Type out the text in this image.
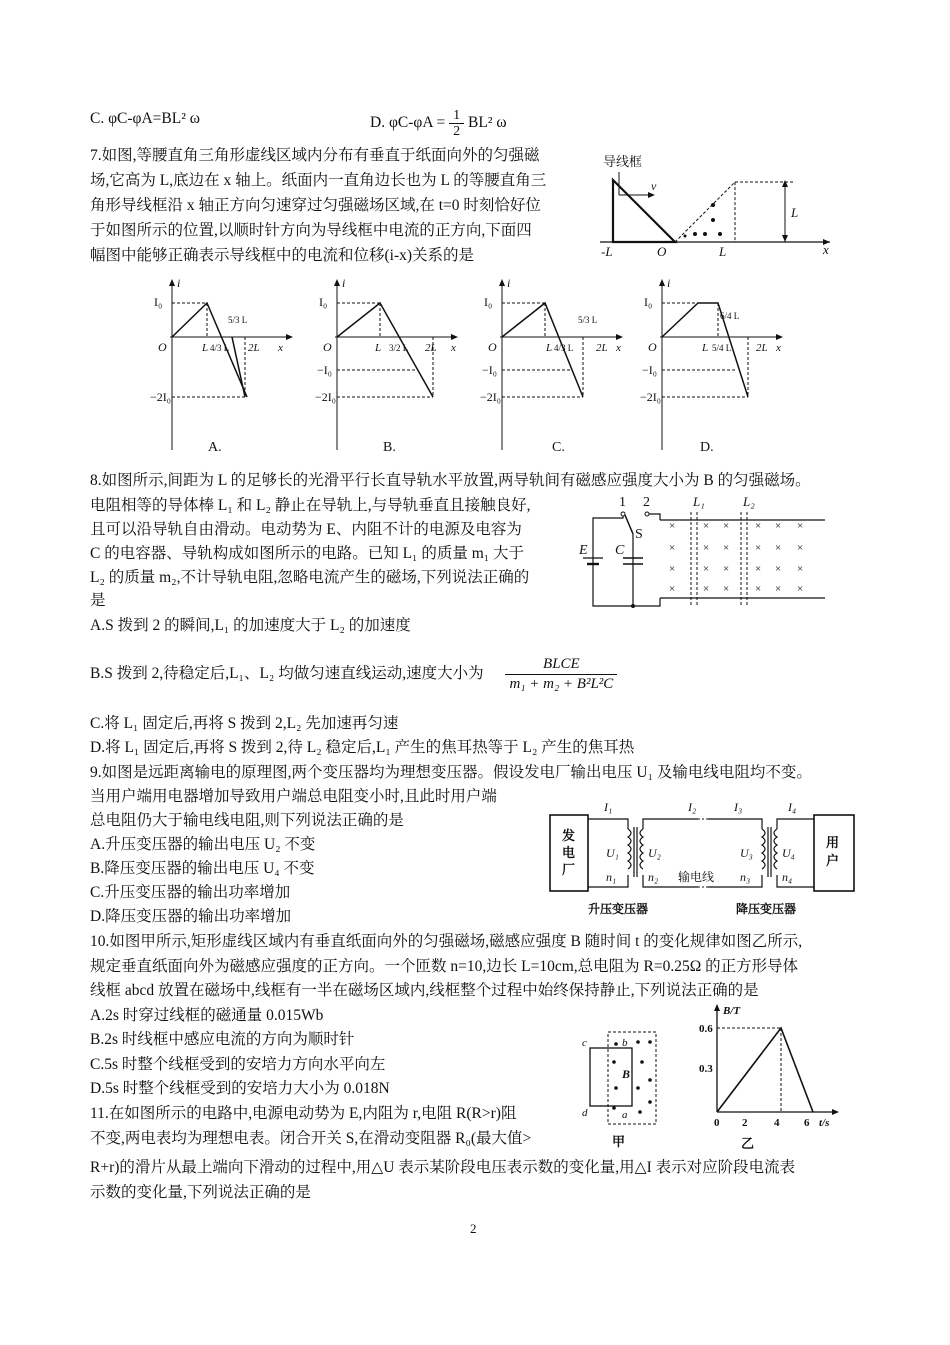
C. φC-φA=BL² ω	D. $\varphi C-\varphi A = \frac{1}{2} BL^2$ ω
7.如图,等腰直角三角形虚线区域内分布有垂直于纸面向外的匀强磁
场,它高为 L,底边在 x 轴上。纸面内一直角边长也为 L 的等腰直角三
角形导线框沿 x 轴正方向匀速穿过匀强磁场区域,在 t=0 时刻恰好位
于如图所示的位置,以顺时针方向为导线框中电流的正方向,下面四
幅图中能够正确表示导线框中的电流和位移(i-x)关系的是
导线框
v
L
-L	O	L	x
I₀
−2I₀
O
i
L 4/3 L
5/3 L
2L x
A.
I₀
−I₀
−2I₀
O
i
L 3/2 L 2L x
B.
I₀
−I₀
−2I₀
O
i
L 4/3 L
5/3 L
2L x
C.
I₀
−I₀
−2I₀
O
i
L 5/4 L
6/4 L
2L x
D.
8.如图所示,间距为 L 的足够长的光滑平行长直导轨水平放置,两导轨间有磁感应强度大小为 B 的匀强磁场。
电阻相等的导体棒 L₁ 和 L₂ 静止在导轨上,与导轨垂直且接触良好,
且可以沿导轨自由滑动。电动势为 E、内阻不计的电源及电容为
C 的电容器、导轨构成如图所示的电路。已知 L₁ 的质量 m₁ 大于
L₂ 的质量 m₂,不计导轨电阻,忽略电流产生的磁场,下列说法正确的
是
A.S 拨到 2 的瞬间,L₁ 的加速度大于 L₂ 的加速度
B.S 拨到 2,待稳定后,L₁、L₂ 均做匀速直线运动,速度大小为 $\frac{\text{BLCE}}{\text{m₁ + m₂ + B²L²C}}$
C.将 L₁ 固定后,再将 S 拨到 2,L₂ 先加速再匀速
D.将 L₁ 固定后,再将 S 拨到 2,待 L₂ 稳定后,L₁ 产生的焦耳热等于 L₂ 产生的焦耳热
1 2	L₁	L₂
×	× × × × ×
×	× × × × ×
×	× × × × ×
×	× × × × ×
S
E C
9.如图是远距离输电的原理图,两个变压器均为理想变压器。假设发电厂输出电压 U₁ 及输电线电阻均不变。
当用户端用电器增加导致用户端总电阻变小时,且此时用户端
总电阻仍大于输电线电阻,则下列说法正确的是
A.升压变压器的输出电压 U₂ 不变
B.降压变压器的输出电压 U₄ 不变
C.升压变压器的输出功率增加
D.降压变压器的输出功率增加
发
电
厂
用
户
I₁	I₂	I₃	I₄
U₁ U₂	U₃ U₄
n₁	n₂	n₃	n₄
输电线
升压变压器	降压变压器
10.如图甲所示,矩形虚线区域内有垂直纸面向外的匀强磁场,磁感应强度 B 随时间 t 的变化规律如图乙所示,
规定垂直纸面向外为磁感应强度的正方向。一个匝数 n=10,边长 L=10cm,总电阻为 R=0.25Ω 的正方形导体
线框 abcd 放置在磁场中,线框有一半在磁场区域内,线框整个过程中始终保持静止,下列说法正确的是
A.2s 时穿过线框的磁通量 0.015Wb
B.2s 时线框中感应电流的方向为顺时针
C.5s 时整个线框受到的安培力方向水平向左
D.5s 时整个线框受到的安培力大小为 0.018N
c
d
b
a
B
甲
B/T
t/s
0.6
0.3
0 2 4 6
乙
11.在如图所示的电路中,电源电动势为 E,内阻为 r,电阻 R(R>r)阻
不变,两电表均为理想电表。闭合开关 S,在滑动变阻器 R₀(最大值>
R+r)的滑片从最上端向下滑动的过程中,用△U 表示某阶段电压表示数的变化量,用△I 表示对应阶段电流表
示数的变化量,下列说法正确的是
2
